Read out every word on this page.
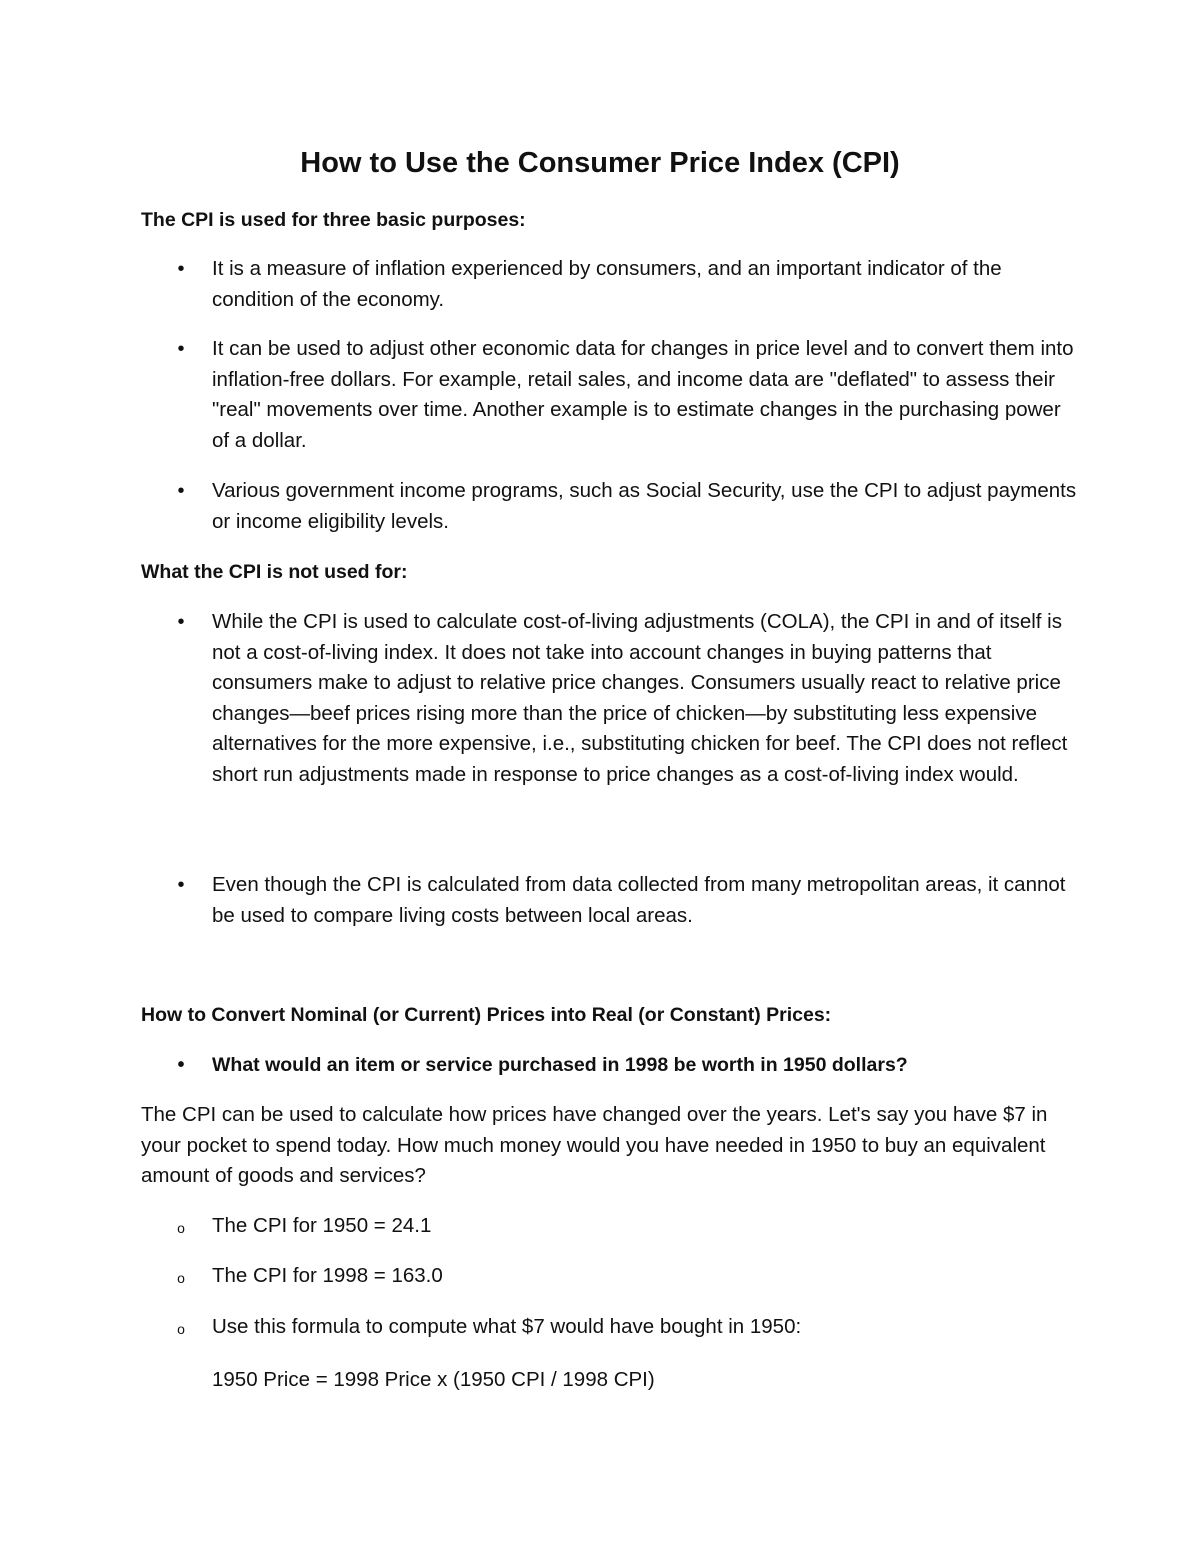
How to Use the Consumer Price Index (CPI)

The CPI is used for three basic purposes:

• It is a measure of inflation experienced by consumers, and an important indicator of the condition of the economy.
• It can be used to adjust other economic data for changes in price level and to convert them into inflation-free dollars. For example, retail sales, and income data are "deflated" to assess their "real" movements over time. Another example is to estimate changes in the purchasing power of a dollar.
• Various government income programs, such as Social Security, use the CPI to adjust payments or income eligibility levels.

What the CPI is not used for:

• While the CPI is used to calculate cost-of-living adjustments (COLA), the CPI in and of itself is not a cost-of-living index. It does not take into account changes in buying patterns that consumers make to adjust to relative price changes. Consumers usually react to relative price changes—beef prices rising more than the price of chicken—by substituting less expensive alternatives for the more expensive, i.e., substituting chicken for beef. The CPI does not reflect short run adjustments made in response to price changes as a cost-of-living index would.
• Even though the CPI is calculated from data collected from many metropolitan areas, it cannot be used to compare living costs between local areas.

How to Convert Nominal (or Current) Prices into Real (or Constant) Prices:

• What would an item or service purchased in 1998 be worth in 1950 dollars?

The CPI can be used to calculate how prices have changed over the years. Let's say you have $7 in your pocket to spend today. How much money would you have needed in 1950 to buy an equivalent amount of goods and services?

o The CPI for 1950 = 24.1
o The CPI for 1998 = 163.0
o Use this formula to compute what $7 would have bought in 1950:

1950 Price = 1998 Price x (1950 CPI / 1998 CPI)
